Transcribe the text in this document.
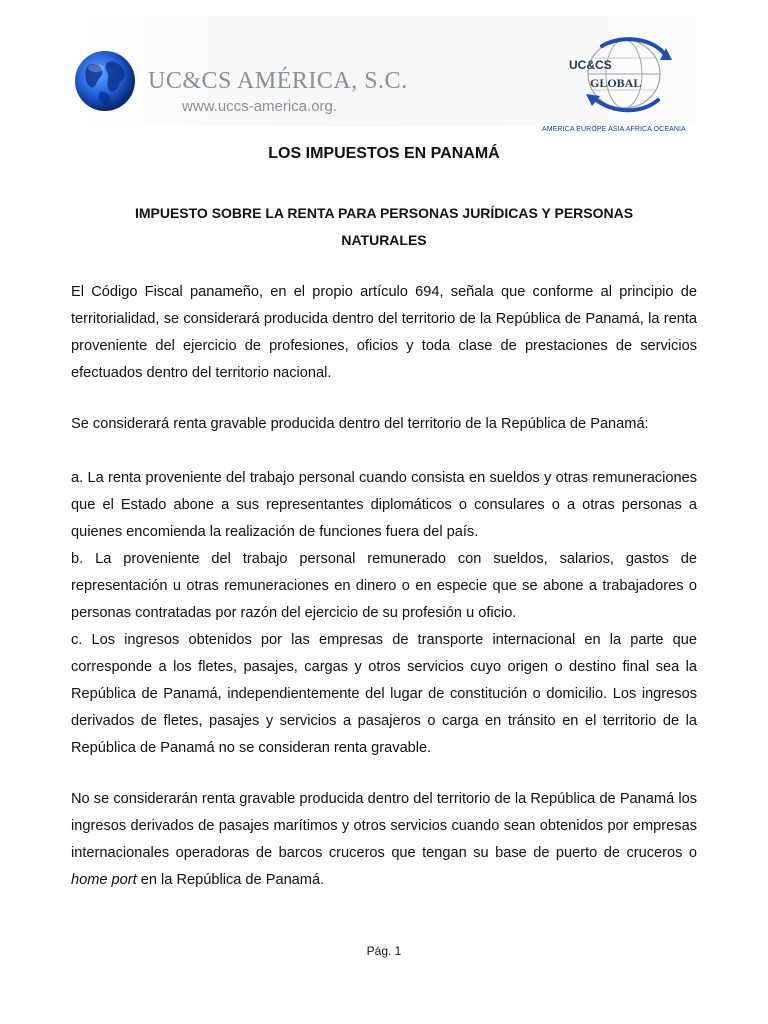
UC&CS AMÉRICA, S.C.
www.uccs-america.org.
UC&CS
GLOBAL
AMERICA EUROPE ASIA AFRICA OCEANIA
LOS IMPUESTOS EN PANAMÁ
IMPUESTO SOBRE LA RENTA PARA PERSONAS JURÍDICAS Y PERSONAS NATURALES

El Código Fiscal panameño, en el propio artículo 694, señala que conforme al principio de territorialidad, se considerará producida dentro del territorio de la República de Panamá, la renta proveniente del ejercicio de profesiones, oficios y toda clase de prestaciones de servicios efectuados dentro del territorio nacional.

Se considerará renta gravable producida dentro del territorio de la República de Panamá:

a. La renta proveniente del trabajo personal cuando consista en sueldos y otras remuneraciones que el Estado abone a sus representantes diplomáticos o consulares o a otras personas a quienes encomienda la realización de funciones fuera del país.

b. La proveniente del trabajo personal remunerado con sueldos, salarios, gastos de representación u otras remuneraciones en dinero o en especie que se abone a trabajadores o personas contratadas por razón del ejercicio de su profesión u oficio.

c. Los ingresos obtenidos por las empresas de transporte internacional en la parte que corresponde a los fletes, pasajes, cargas y otros servicios cuyo origen o destino final sea la República de Panamá, independientemente del lugar de constitución o domicilio. Los ingresos derivados de fletes, pasajes y servicios a pasajeros o carga en tránsito en el territorio de la República de Panamá no se consideran renta gravable.

No se considerarán renta gravable producida dentro del territorio de la República de Panamá los ingresos derivados de pasajes marítimos y otros servicios cuando sean obtenidos por empresas internacionales operadoras de barcos cruceros que tengan su base de puerto de cruceros o home port en la República de Panamá.

Pág. 1
